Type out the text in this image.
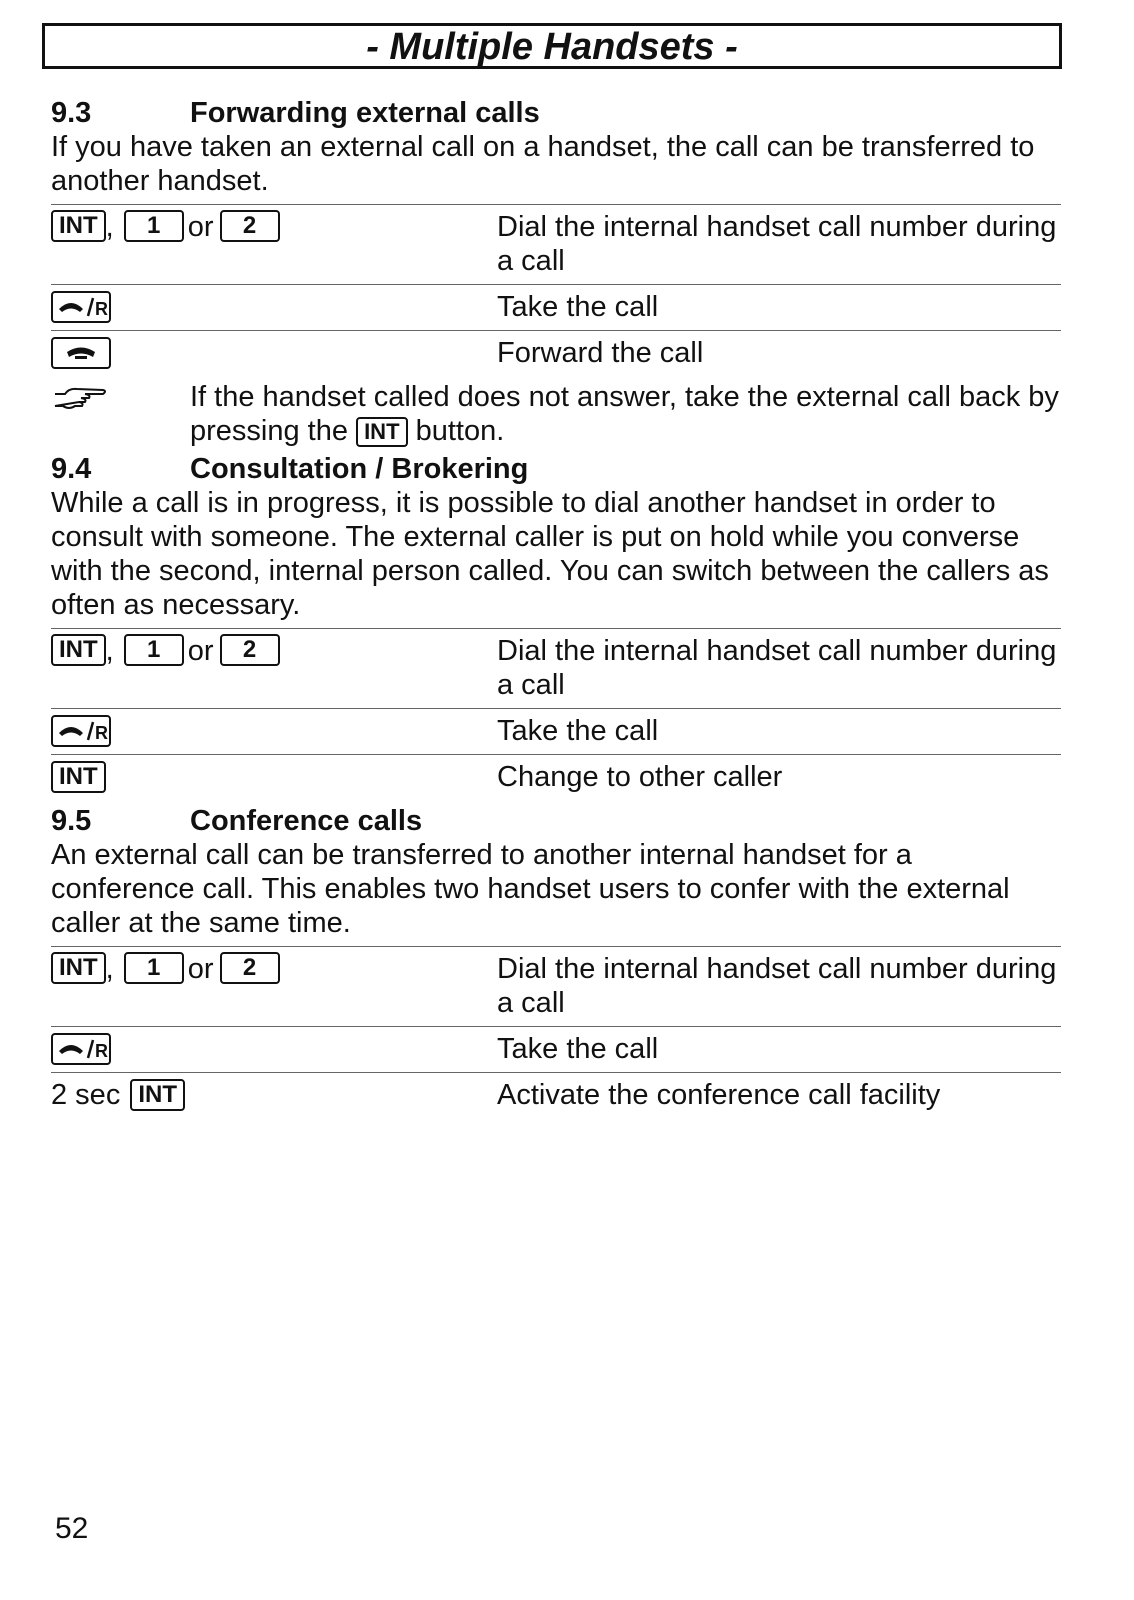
- Multiple Handsets -
9.3	Forwarding external calls
If you have taken an external call on a handset, the call can be transferred to another handset.
INT ,	1 or	2	Dial the internal handset call number during a call
R	Take the call
Forward the call
If the handset called does not answer, take the external call back by pressing the INT button.
9.4	Consultation / Brokering
While a call is in progress, it is possible to dial another handset in order to consult with someone. The external caller is put on hold while you converse with the second, internal person called. You can switch between the callers as often as necessary.
INT ,	1 or	2	Dial the internal handset call number during a call
R	Take the call
INT	Change to other caller
9.5	Conference calls
An external call can be transferred to another internal handset for a conference call. This enables two handset users to confer with the external caller at the same time.
INT ,	1 or	2	Dial the internal handset call number during a call
R	Take the call
2 sec INT	Activate the conference call facility
52
